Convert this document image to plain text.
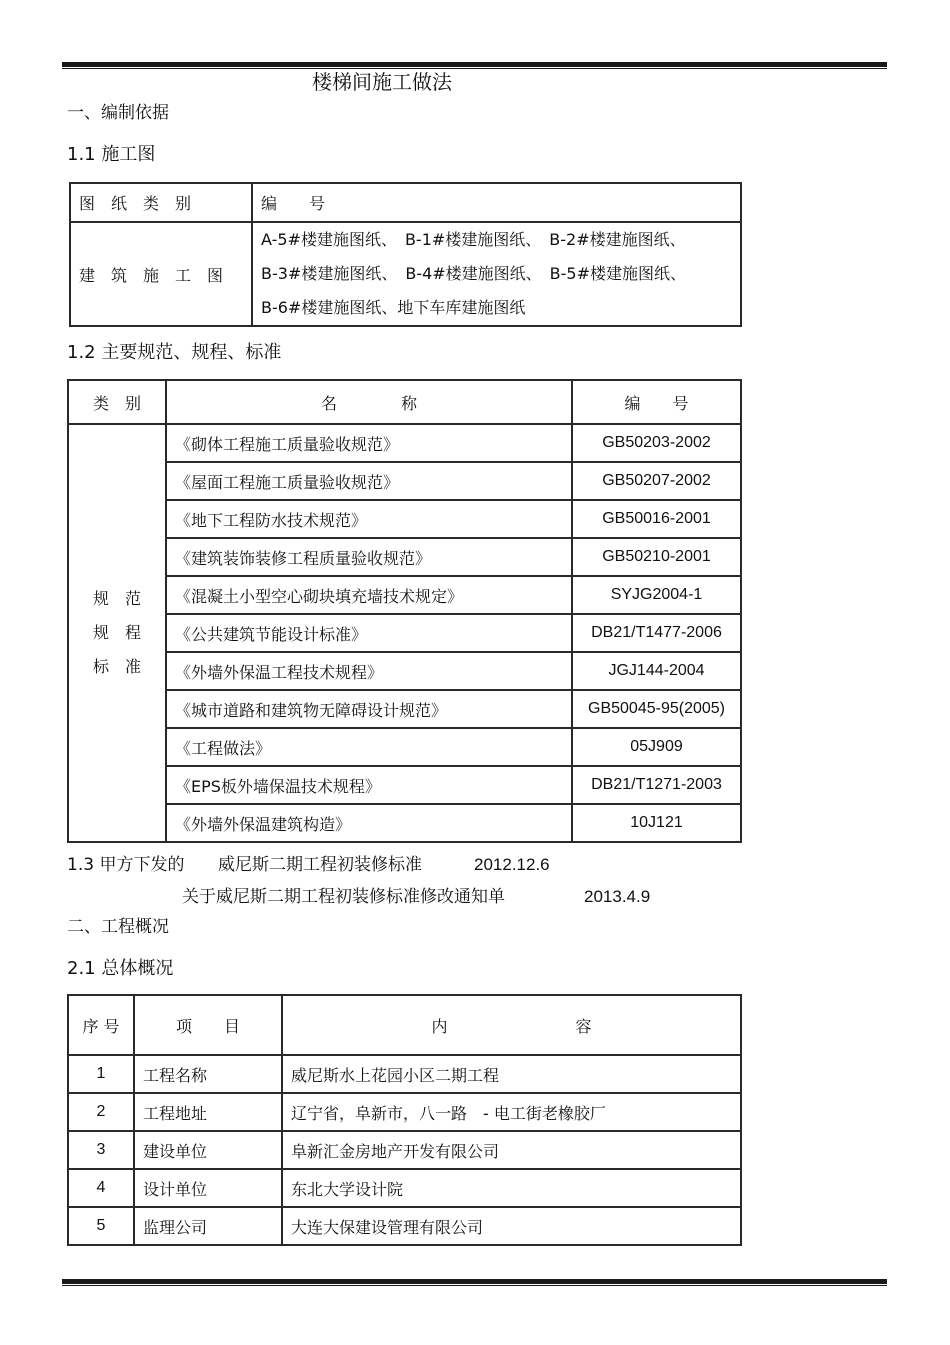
楼梯间施工做法
一、编制依据
1.1 施工图
图　纸　类　别	编　　号
建　筑　施　工　图	A-5#楼建施图纸、　B-1#楼建施图纸、　B-2#楼建施图纸、
B-3#楼建施图纸、　B-4#楼建施图纸、　B-5#楼建施图纸、
B-6#楼建施图纸、地下车库建施图纸
1.2 主要规范、规程、标准
类　别	名　　　　称	编　　号

规　范
规　程
标　准	《砌体工程施工质量验收规范》	GB50203-2002
	《屋面工程施工质量验收规范》	GB50207-2002
	《地下工程防水技术规范》	GB50016-2001
	《建筑装饰装修工程质量验收规范》	GB50210-2001
	《混凝土小型空心砌块填充墙技术规定》	SYJG2004-1
	《公共建筑节能设计标准》	DB21/T1477-2006
	《外墙外保温工程技术规程》	JGJ144-2004
	《城市道路和建筑物无障碍设计规范》	GB50045-95(2005)
	《工程做法》	05J909
	《EPS板外墙保温技术规程》	DB21/T1271-2003
	《外墙外保温建筑构造》	10J121
1.3 甲方下发的 威尼斯二期工程初装修标准	2012.12.6
关于威尼斯二期工程初装修标准修改通知单	2013.4.9
二、工程概况
2.1 总体概况
序 号	项　　目	内　　　　　　　　容
1	工程名称	威尼斯水上花园小区二期工程
2	工程地址	辽宁省，阜新市，八一路　- 电工街老橡胶厂
3	建设单位	阜新汇金房地产开发有限公司
4	设计单位	东北大学设计院
5	监理公司	大连大保建设管理有限公司
